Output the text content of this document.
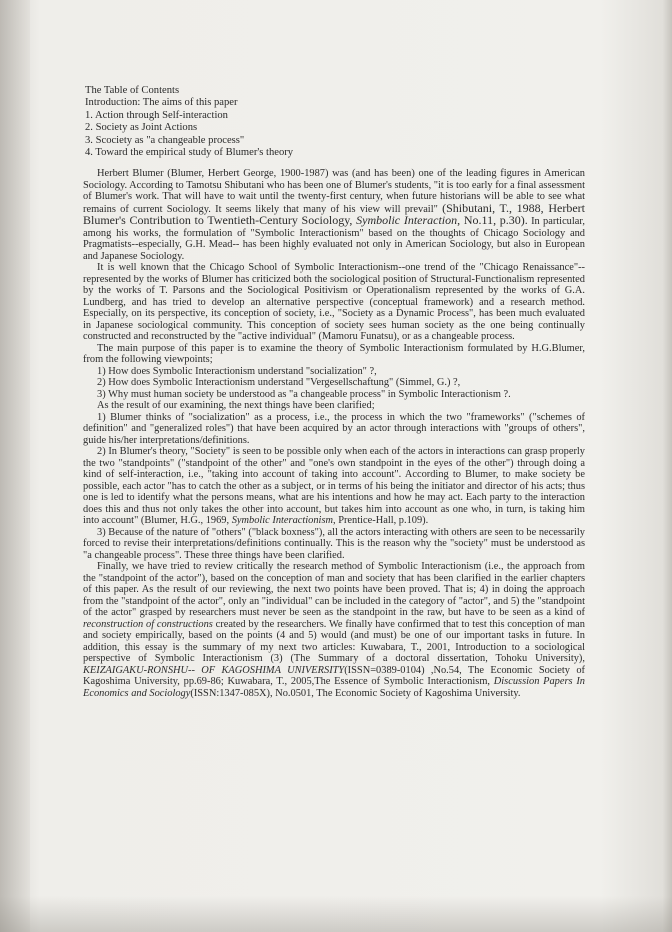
The Table of Contents
Introduction: The aims of this paper
1. Action through Self-interaction
2. Society as Joint Actions
3. Scociety as "a changeable process"
4. Toward the empirical study of Blumer's theory

Herbert Blumer (Blumer, Herbert George, 1900-1987) was (and has been) one of the leading figures in American Sociology. According to Tamotsu Shibutani who has been one of Blumer's students, "it is too early for a final assessment of Blumer's work. That will have to wait until the twenty-first century, when future historians will be able to see what remains of current Sociology. It seems likely that many of his view will prevail" (Shibutani, T., 1988, Herbert Blumer's Contribution to Twentieth-Century Sociology, Symbolic Interaction, No.11, p.30). In particular, among his works, the formulation of "Symbolic Interactionism" based on the thoughts of Chicago Sociology and Pragmatists--especially, G.H. Mead-- has been highly evaluated not only in American Sociology, but also in European and Japanese Sociology.

It is well known that the Chicago School of Symbolic Interactionism--one trend of the "Chicago Renaissance"-- represented by the works of Blumer has criticized both the sociological position of Structural-Functionalism represented by the works of T. Parsons and the Sociological Positivism or Operationalism represented by the works of G.A. Lundberg, and has tried to develop an alternative perspective (conceptual framework) and a research method. Especially, on its perspective, its conception of society, i.e., "Society as a Dynamic Process", has been much evaluated in Japanese sociological community. This conception of society sees human society as the one being continually constructed and reconstructed by the "active individual" (Mamoru Funatsu), or as a changeable process.

The main purpose of this paper is to examine the theory of Symbolic Interactionism formulated by H.G.Blumer, from the following viewpoints;

1) How does Symbolic Interactionism understand "socialization" ?,

2) How does Symbolic Interactionism understand "Vergesellschaftung" (Simmel, G.) ?,

3) Why must human society be understood as "a changeable process" in Symbolic Interactionism ?.

As the result of our examining, the next things have been clarified;

1) Blumer thinks of "socialization" as a process, i.e., the process in which the two "frameworks" ("schemes of definition" and "generalized roles") that have been acquired by an actor through interactions with "groups of others", guide his/her interpretations/definitions.

2) In Blumer's theory, "Society" is seen to be possible only when each of the actors in interactions can grasp properly the two "standpoints" ("standpoint of the other" and "one's own standpoint in the eyes of the other") through doing a kind of self-interaction, i.e., "taking into account of taking into account". According to Blumer, to make society be possible, each actor "has to catch the other as a subject, or in terms of his being the initiator and director of his acts; thus one is led to identify what the persons means, what are his intentions and how he may act. Each party to the interaction does this and thus not only takes the other into account, but takes him into account as one who, in turn, is taking him into account" (Blumer, H.G., 1969, Symbolic Interactionism, Prentice-Hall, p.109).

3) Because of the nature of "others" ("black boxness"), all the actors interacting with others are seen to be necessarily forced to revise their interpretations/definitions continually. This is the reason why the "society" must be understood as "a changeable process". These three things have been clarified.

Finally, we have tried to review critically the research method of Symbolic Interactionism (i.e., the approach from the "standpoint of the actor"), based on the conception of man and society that has been clarified in the earlier chapters of this paper. As the result of our reviewing, the next two points have been proved. That is; 4) in doing the approach from the "standpoint of the actor", only an "individual" can be included in the category of "actor", and 5) the "standpoint of the actor" grasped by researchers must never be seen as the standpoint in the raw, but have to be seen as a kind of reconstruction of constructions created by the researchers. We finally have confirmed that to test this conception of man and society empirically, based on the points (4 and 5) would (and must) be one of our important tasks in future. In addition, this essay is the summary of my next two articles: Kuwabara, T., 2001, Introduction to a sociological perspective of Symbolic Interactionism (3) (The Summary of a doctoral dissertation, Tohoku University), KEIZAIGAKU-RONSHU-- OF KAGOSHIMA UNIVERSITY(ISSN=0389-0104) ,No.54, The Economic Society of Kagoshima University, pp.69-86; Kuwabara, T., 2005,The Essence of Symbolic Interactionism, Discussion Papers In Economics and Sociology(ISSN:1347-085X), No.0501, The Economic Society of Kagoshima University.
